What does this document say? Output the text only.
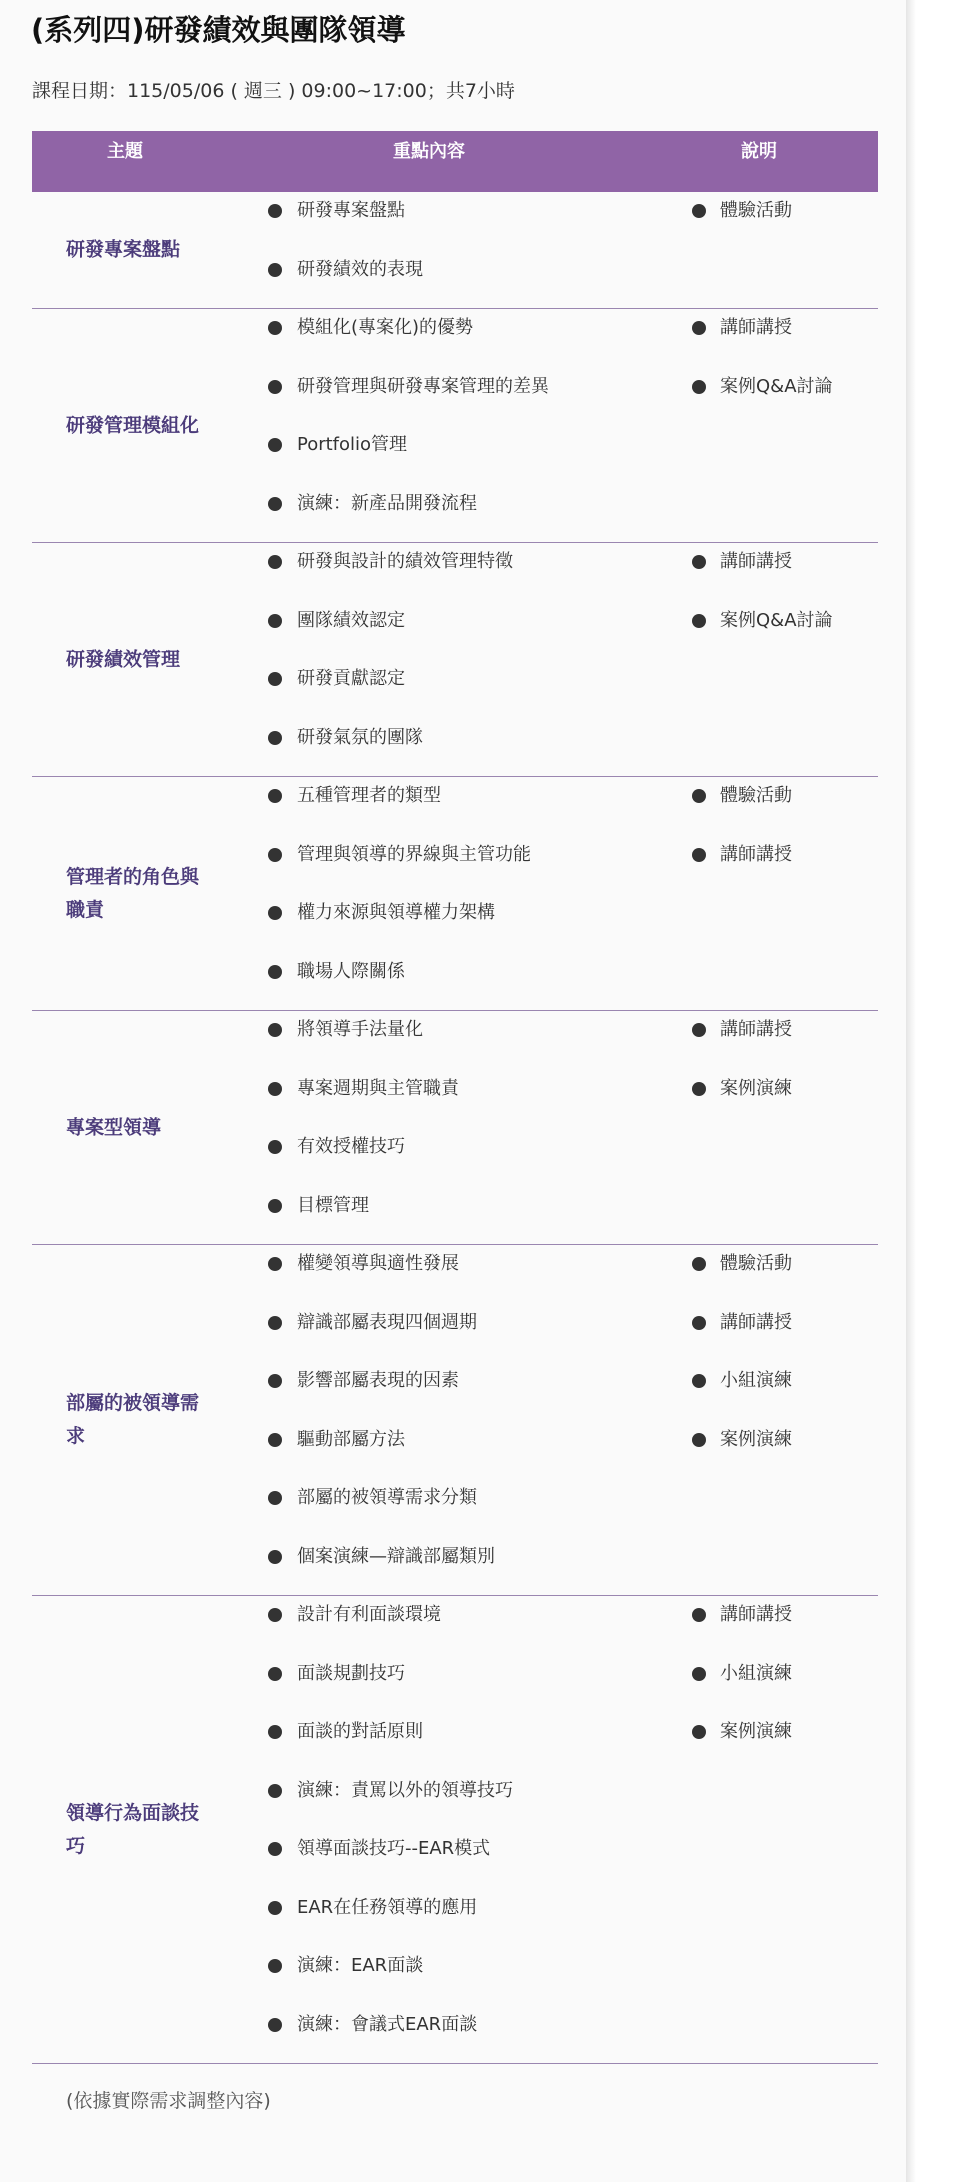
(系列四)研發績效與團隊領導
課程日期：115/05/06 ( 週三 ) 09:00~17:00；共7小時
主題	重點內容	說明
研發專案盤點
研發專案盤點
研發績效的表現
體驗活動
研發管理模組化
模組化(專案化)的優勢
研發管理與研發專案管理的差異
Portfolio管理
演練：新產品開發流程
講師講授
案例Q&A討論
研發績效管理
研發與設計的績效管理特徵
團隊績效認定
研發貢獻認定
研發氣氛的團隊
講師講授
案例Q&A討論
管理者的角色與職責
五種管理者的類型
管理與領導的界線與主管功能
權力來源與領導權力架構
職場人際關係
體驗活動
講師講授
專案型領導
將領導手法量化
專案週期與主管職責
有效授權技巧
目標管理
講師講授
案例演練
部屬的被領導需求
權變領導與適性發展
辯識部屬表現四個週期
影響部屬表現的因素
驅動部屬方法
部屬的被領導需求分類
個案演練—辯識部屬類別
體驗活動
講師講授
小組演練
案例演練
領導行為面談技巧
設計有利面談環境
面談規劃技巧
面談的對話原則
演練：責罵以外的領導技巧
領導面談技巧--EAR模式
EAR在任務領導的應用
演練：EAR面談
演練：會議式EAR面談
講師講授
小組演練
案例演練
(依據實際需求調整內容)
